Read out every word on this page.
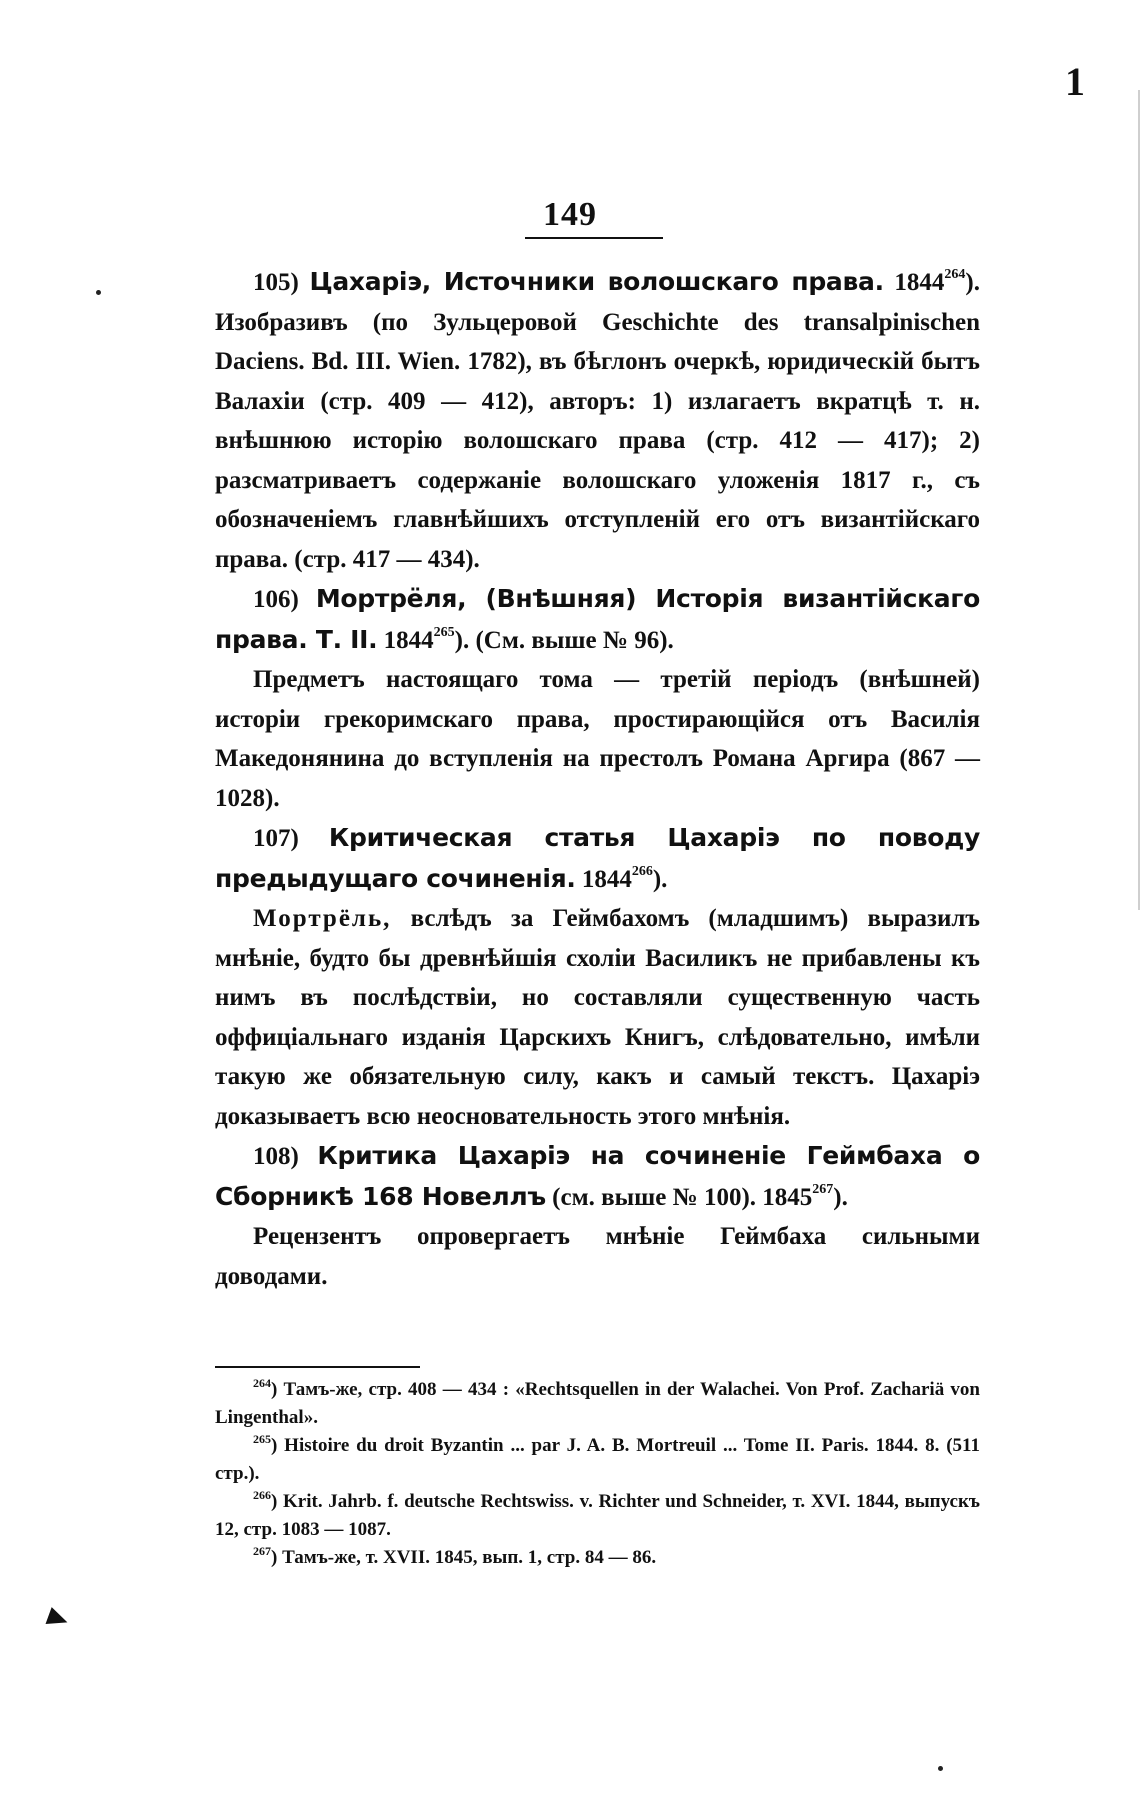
1
149

105) Цахаріэ, Источники волошскаго права. 1844$^{264}$). Изобразивъ (по Зульцеровой Geschichte des transalpinischen Daciens. Bd. III. Wien. 1782), въ бѣглонъ очеркѣ, юридическій бытъ Валахіи (стр. 409 — 412), авторъ: 1) излагаетъ вкратцѣ т. н. внѣшнюю исторію волошскаго права (стр. 412 — 417); 2) разсматриваетъ содержаніе волошскаго уложенія 1817 г., съ обозначеніемъ главнѣйшихъ отступленій его отъ византійскаго права. (стр. 417 — 434).

106) Мортрёля, (Внѣшняя) Исторія византійскаго права. Т. II. 1844$^{265}$). (См. выше № 96).

Предметъ настоящаго тома — третій періодъ (внѣшней) исторіи грекоримскаго права, простирающійся отъ Василія Македонянина до вступленія на престолъ Романа Аргира (867 — 1028).

107) Критическая статья Цахаріэ по поводу предыдущаго сочиненія. 1844$^{266}$).

Мортрёль, вслѣдъ за Геймбахомъ (младшимъ) выразилъ мнѣніе, будто бы древнѣйшія схоліи Василикъ не прибавлены къ нимъ въ послѣдствіи, но составляли существенную часть оффиціальнаго изданія Царскихъ Книгъ, слѣдовательно, имѣли такую же обязательную силу, какъ и самый текстъ. Цахаріэ доказываетъ всю неосновательность этого мнѣнія.

108) Критика Цахаріэ на сочиненіе Геймбаха о Сборникѣ 168 Новеллъ (см. выше № 100). 1845$^{267}$).

Рецензентъ опровергаетъ мнѣніе Геймбаха сильными доводами.

$^{264}$) Тамъ-же, стр. 408 — 434 : «Rechtsquellen in der Walachei. Von Prof. Zachariä von Lingenthal».

$^{265}$) Histoire du droit Byzantin ... par J. A. B. Mortreuil ... Tome II. Paris. 1844. 8. (511 стр.).

$^{266}$) Krit. Jahrb. f. deutsche Rechtswiss. v. Richter und Schneider, т. XVI. 1844, выпускъ 12, стр. 1083 — 1087.

$^{267}$) Тамъ-же, т. XVII. 1845, вып. 1, стр. 84 — 86.
